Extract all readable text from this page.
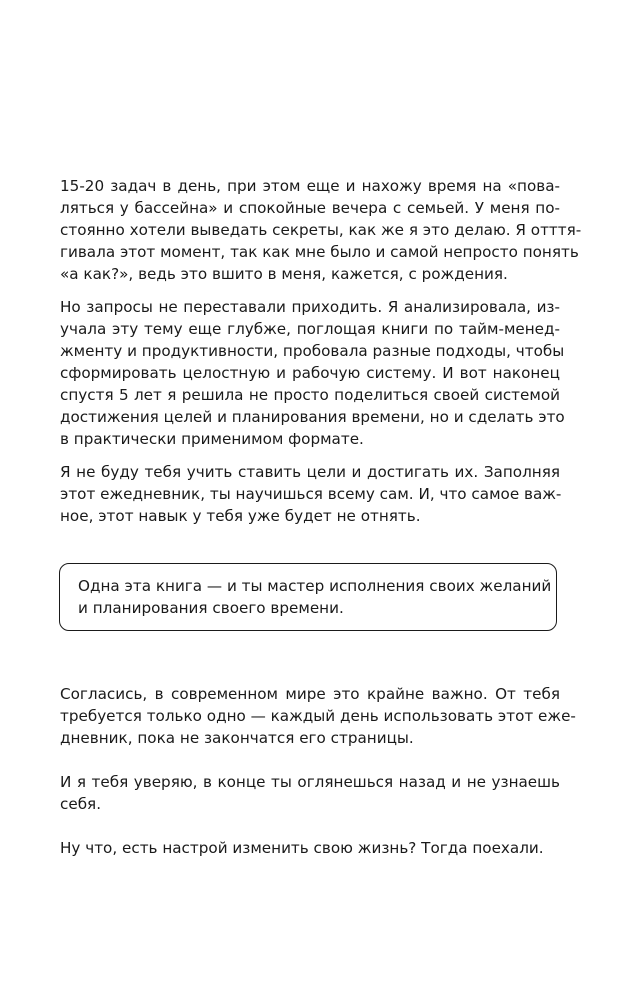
15-20 задач в день, при этом еще и нахожу время на «пова-
ляться у бассейна» и спокойные вечера с семьей. У меня по-
стоянно хотели выведать секреты, как же я это делаю. Я отття-
гивала этот момент, так как мне было и самой непросто понять
«а как?», ведь это вшито в меня, кажется, с рождения.

Но запросы не переставали приходить. Я анализировала, из-
учала эту тему еще глубже, поглощая книги по тайм-менед-
жменту и продуктивности, пробовала разные подходы, чтобы
сформировать целостную и рабочую систему. И вот наконец
спустя 5 лет я решила не просто поделиться своей системой
достижения целей и планирования времени, но и сделать это
в практически применимом формате.

Я не буду тебя учить ставить цели и достигать их. Заполняя
этот ежедневник, ты научишься всему сам. И, что самое важ-
ное, этот навык у тебя уже будет не отнять.

Одна эта книга — и ты мастер исполнения своих желаний
и планирования своего времени.

Согласись, в современном мире это крайне важно. От тебя
требуется только одно — каждый день использовать этот еже-
дневник, пока не закончатся его страницы.

И я тебя уверяю, в конце ты оглянешься назад и не узнаешь
себя.

Ну что, есть настрой изменить свою жизнь? Тогда поехали.
